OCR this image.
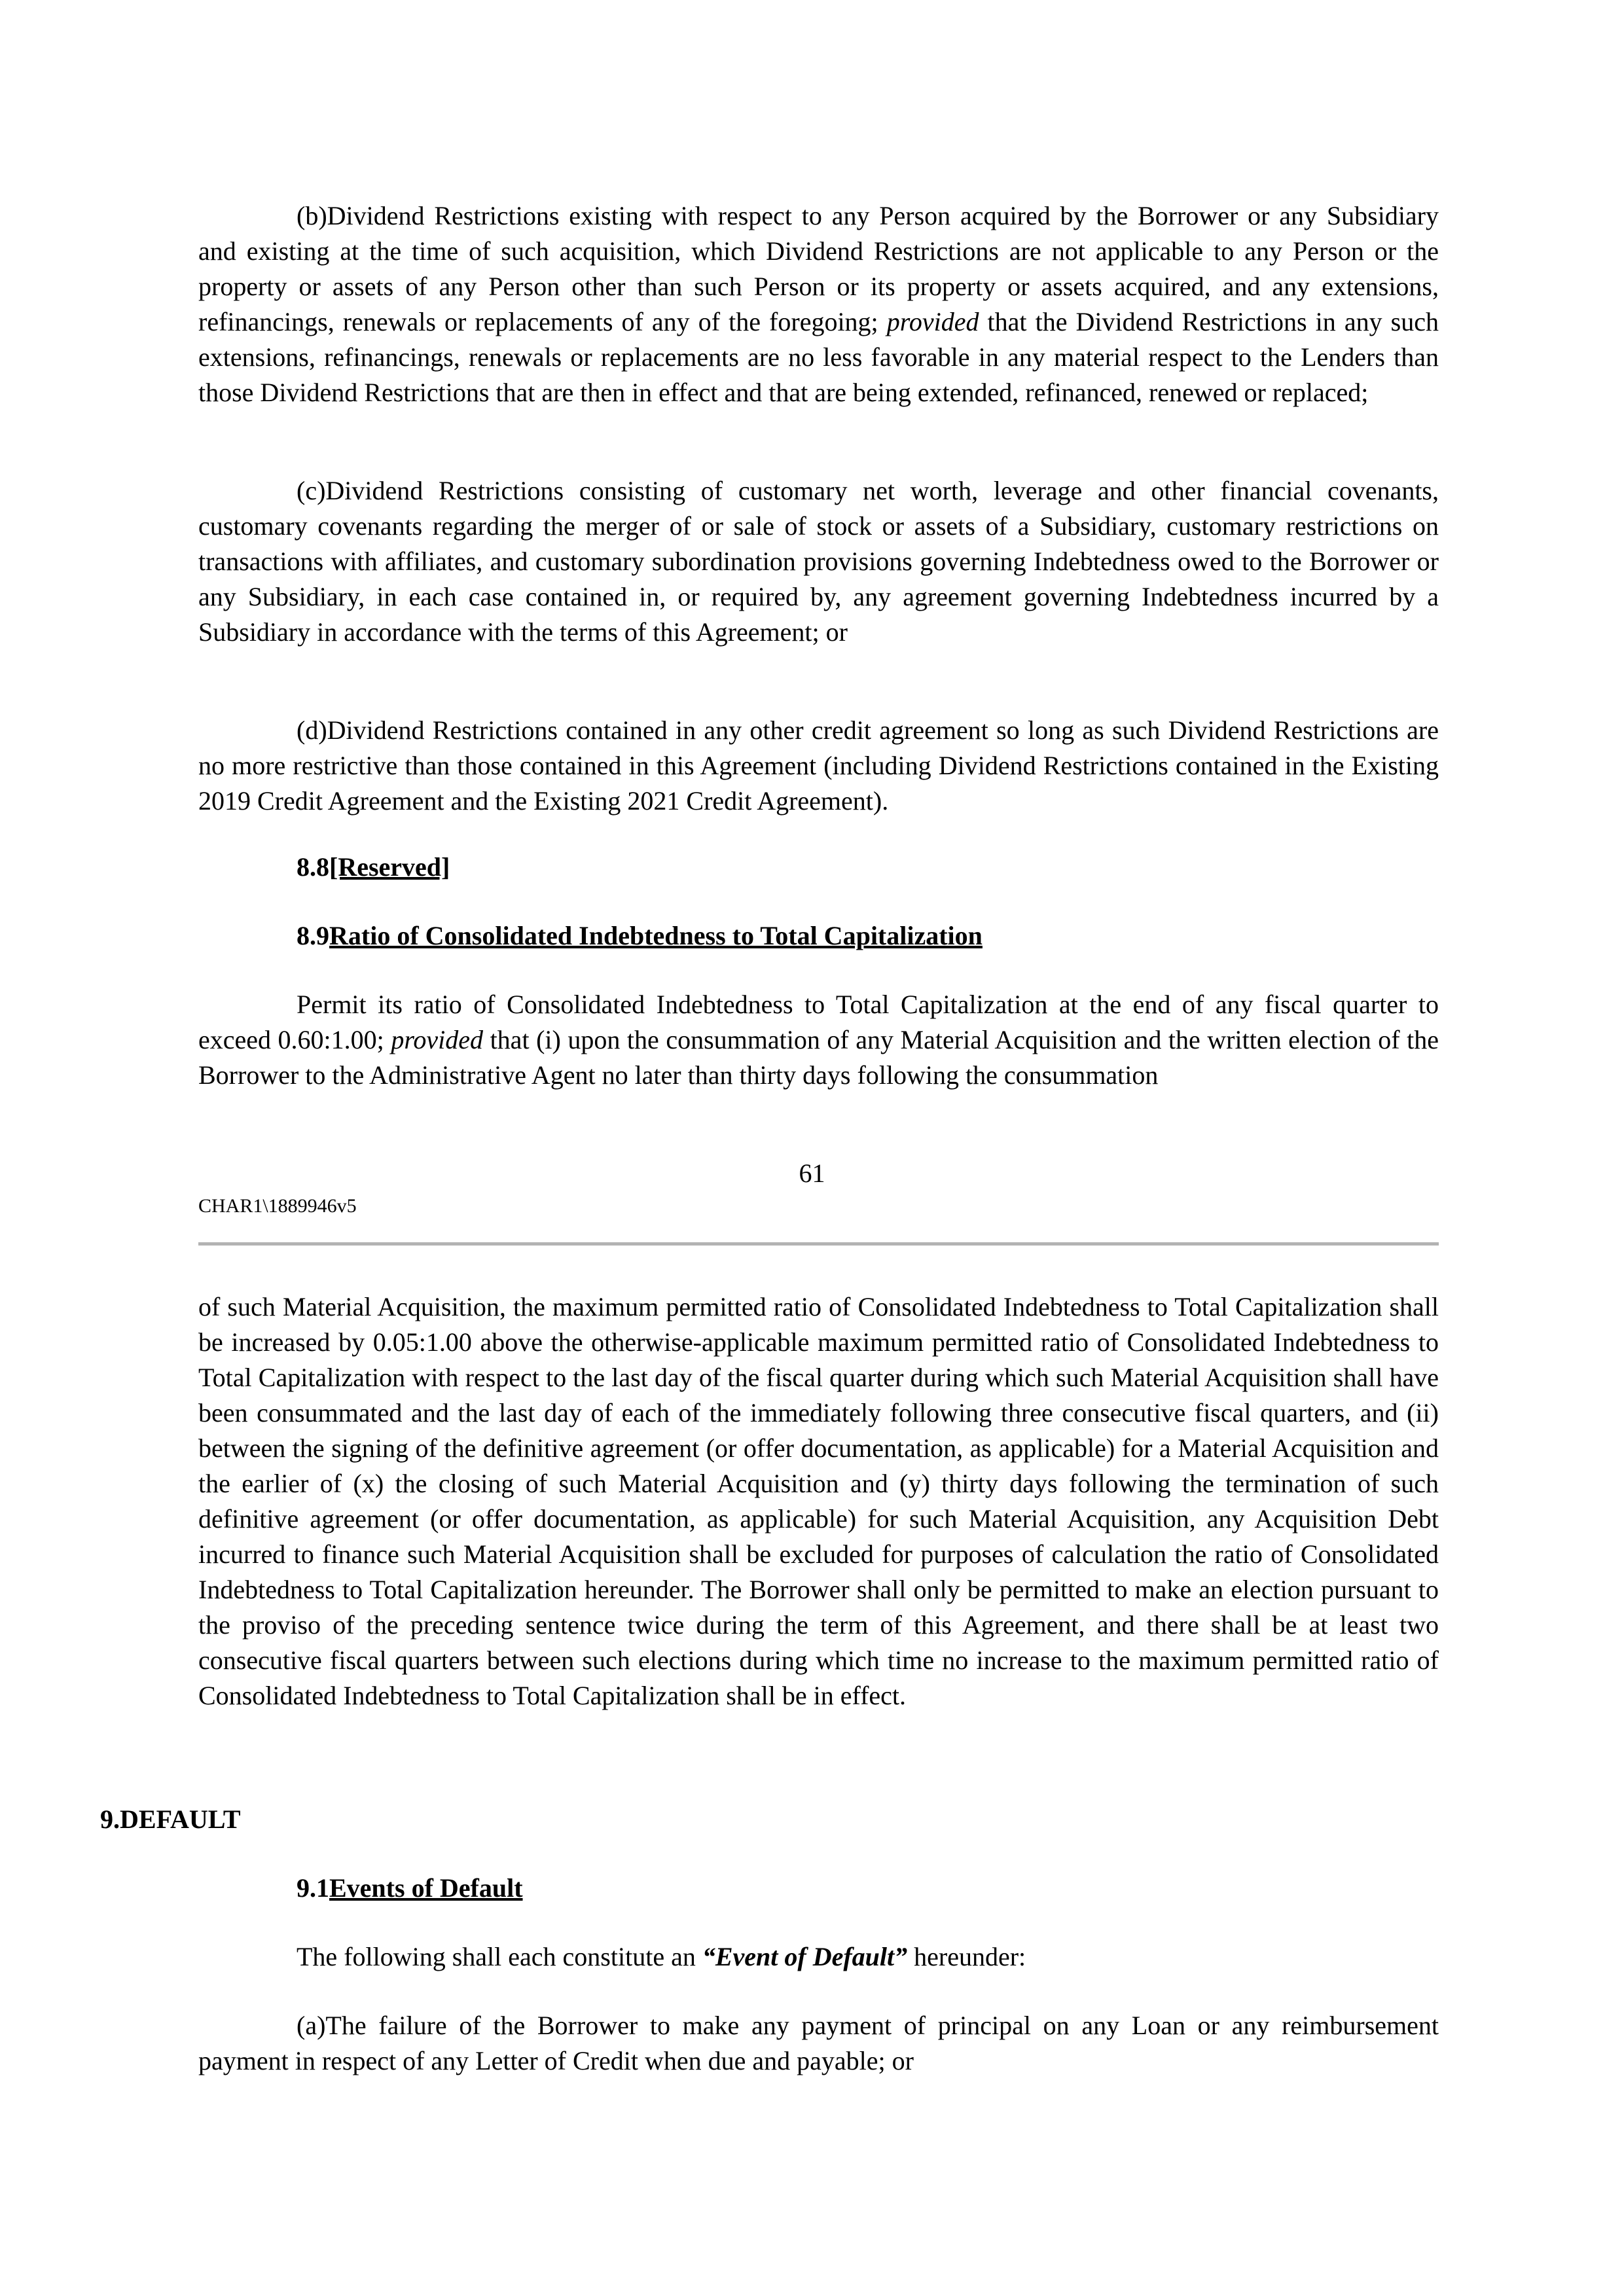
(b)Dividend Restrictions existing with respect to any Person acquired by the Borrower or any Subsidiary and existing at the time of such acquisition, which Dividend Restrictions are not applicable to any Person or the property or assets of any Person other than such Person or its property or assets acquired, and any extensions, refinancings, renewals or replacements of any of the foregoing; provided that the Dividend Restrictions in any such extensions, refinancings, renewals or replacements are no less favorable in any material respect to the Lenders than those Dividend Restrictions that are then in effect and that are being extended, refinanced, renewed or replaced;

(c)Dividend Restrictions consisting of customary net worth, leverage and other financial covenants, customary covenants regarding the merger of or sale of stock or assets of a Subsidiary, customary restrictions on transactions with affiliates, and customary subordination provisions governing Indebtedness owed to the Borrower or any Subsidiary, in each case contained in, or required by, any agreement governing Indebtedness incurred by a Subsidiary in accordance with the terms of this Agreement; or

(d)Dividend Restrictions contained in any other credit agreement so long as such Dividend Restrictions are no more restrictive than those contained in this Agreement (including Dividend Restrictions contained in the Existing 2019 Credit Agreement and the Existing 2021 Credit Agreement).

8.8[Reserved]

8.9Ratio of Consolidated Indebtedness to Total Capitalization

Permit its ratio of Consolidated Indebtedness to Total Capitalization at the end of any fiscal quarter to exceed 0.60:1.00; provided that (i) upon the consummation of any Material Acquisition and the written election of the Borrower to the Administrative Agent no later than thirty days following the consummation

61
CHAR1\1889946v5

of such Material Acquisition, the maximum permitted ratio of Consolidated Indebtedness to Total Capitalization shall be increased by 0.05:1.00 above the otherwise-applicable maximum permitted ratio of Consolidated Indebtedness to Total Capitalization with respect to the last day of the fiscal quarter during which such Material Acquisition shall have been consummated and the last day of each of the immediately following three consecutive fiscal quarters, and (ii) between the signing of the definitive agreement (or offer documentation, as applicable) for a Material Acquisition and the earlier of (x) the closing of such Material Acquisition and (y) thirty days following the termination of such definitive agreement (or offer documentation, as applicable) for such Material Acquisition, any Acquisition Debt incurred to finance such Material Acquisition shall be excluded for purposes of calculation the ratio of Consolidated Indebtedness to Total Capitalization hereunder. The Borrower shall only be permitted to make an election pursuant to the proviso of the preceding sentence twice during the term of this Agreement, and there shall be at least two consecutive fiscal quarters between such elections during which time no increase to the maximum permitted ratio of Consolidated Indebtedness to Total Capitalization shall be in effect.

9.DEFAULT

9.1Events of Default

The following shall each constitute an “Event of Default” hereunder:

(a)The failure of the Borrower to make any payment of principal on any Loan or any reimbursement payment in respect of any Letter of Credit when due and payable; or
